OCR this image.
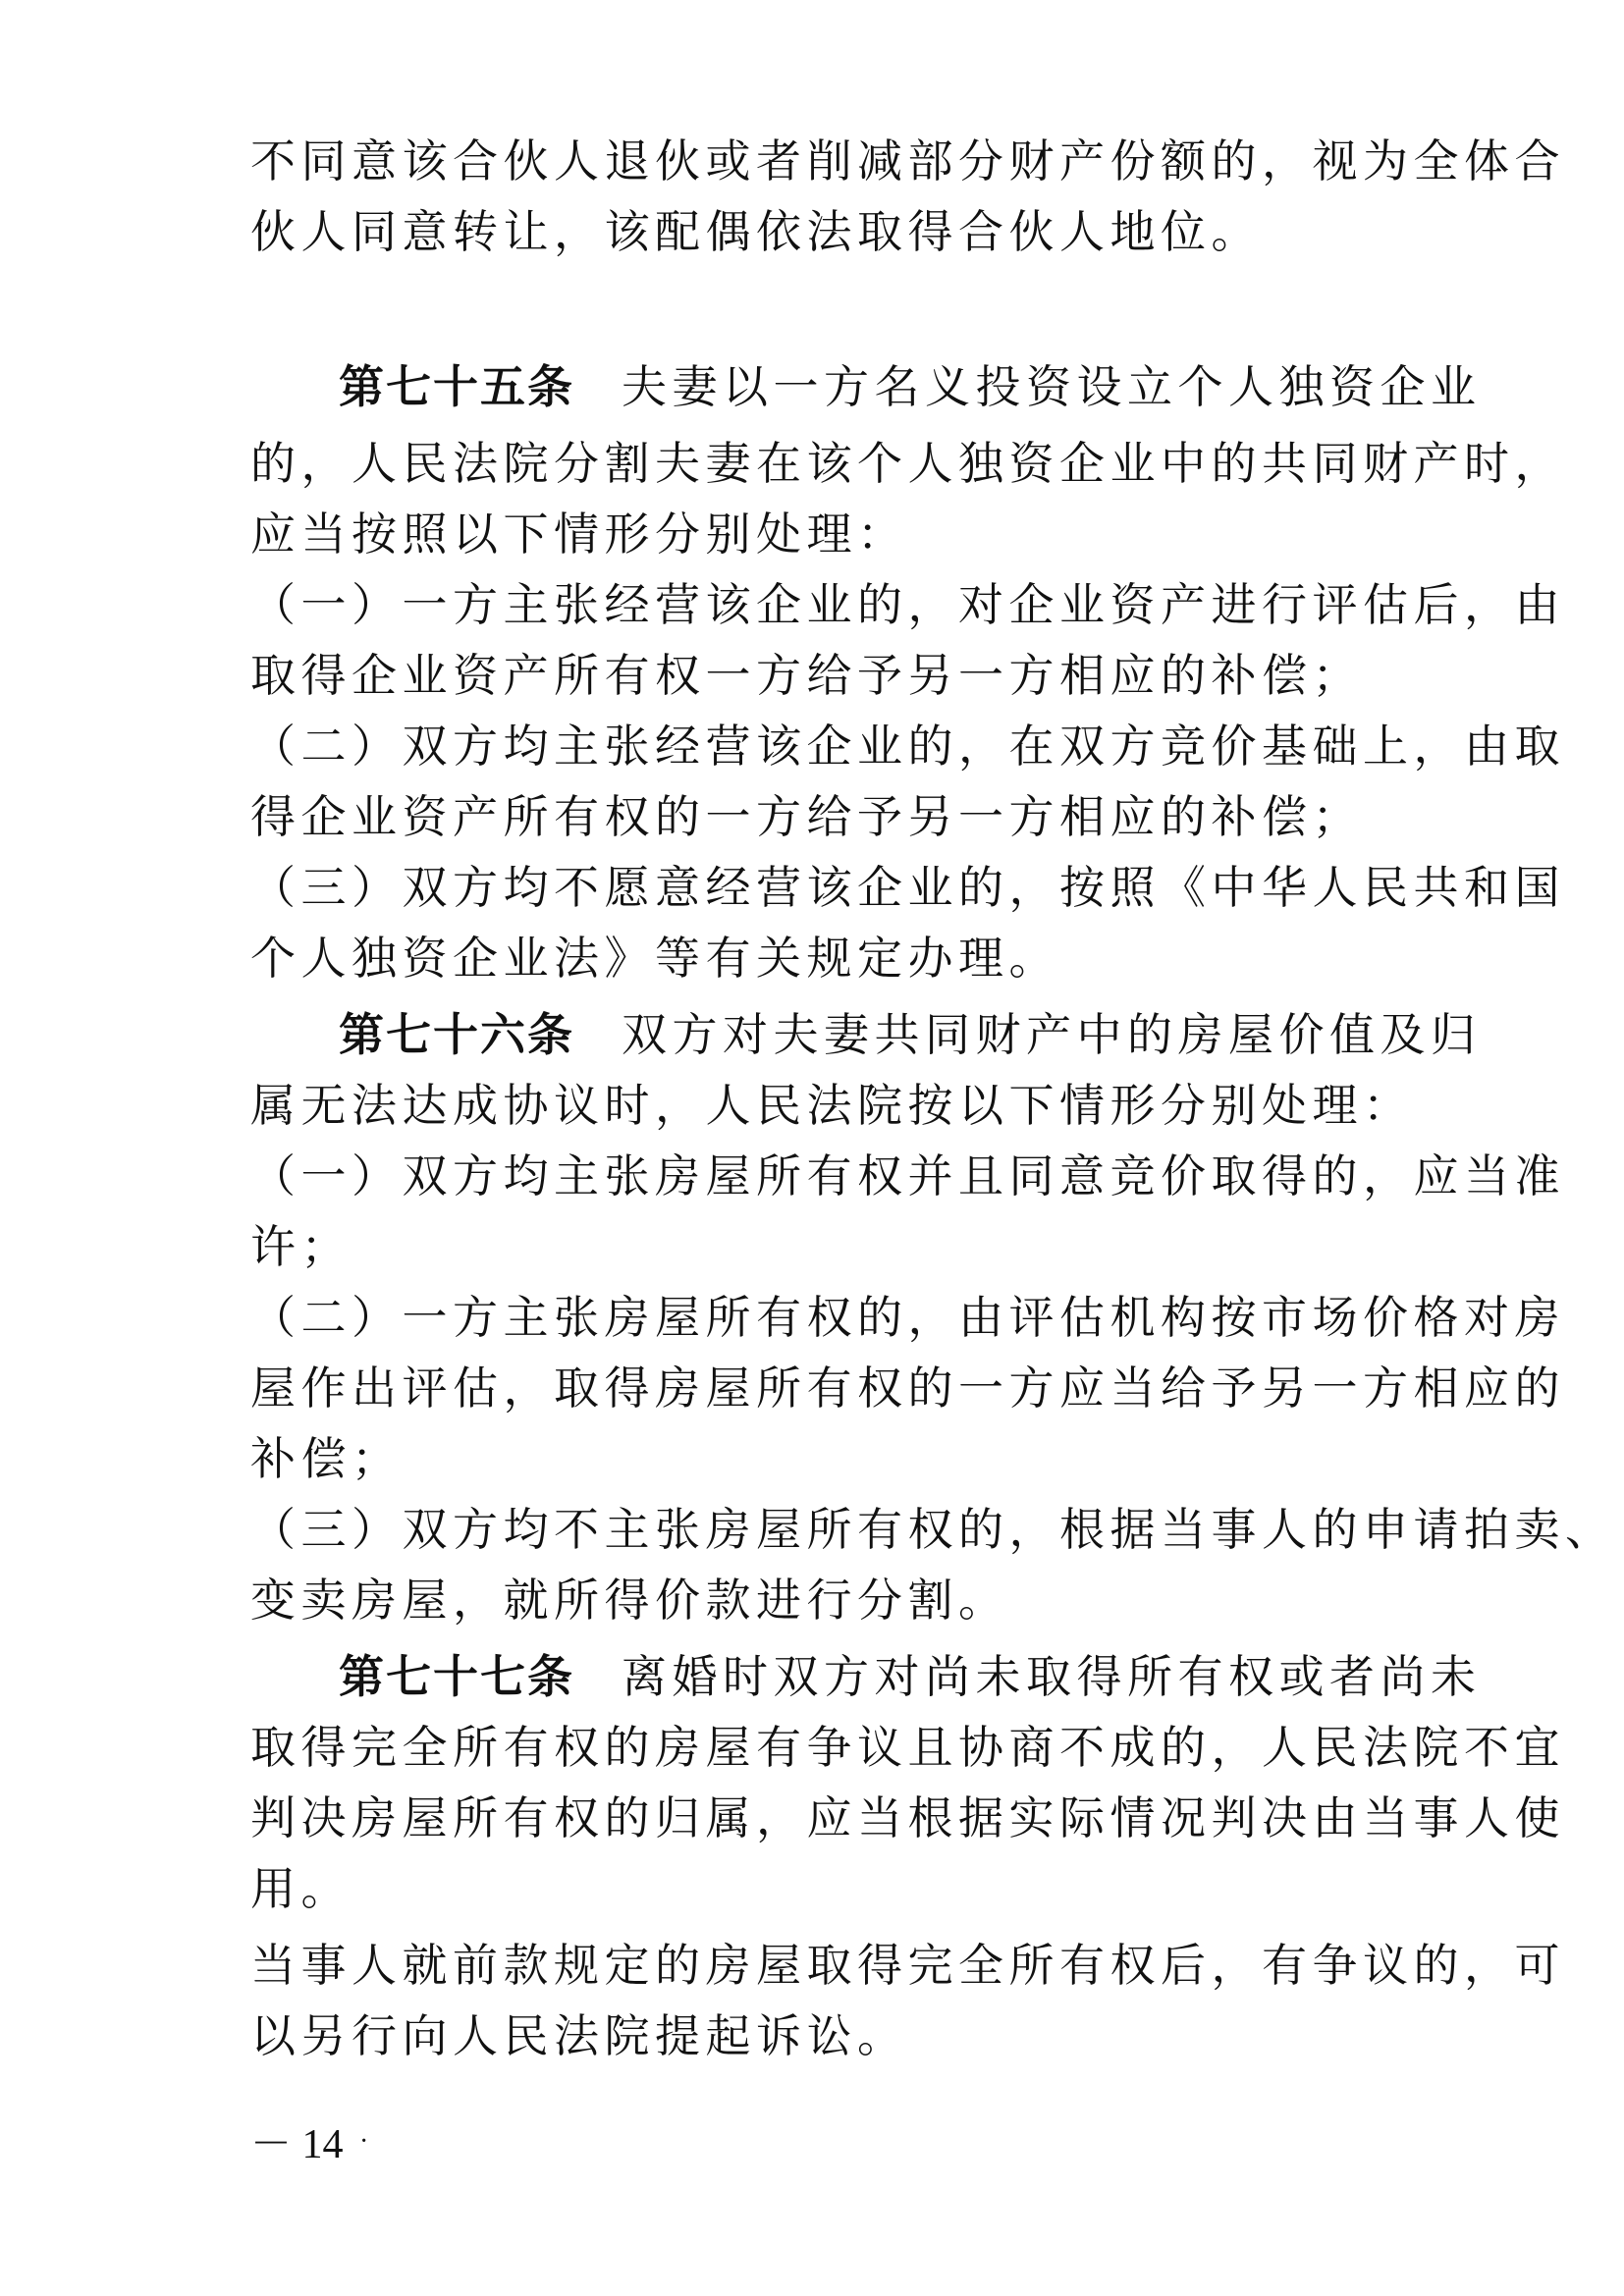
不同意该合伙人退伙或者削减部分财产份额的，视为全体合
伙人同意转让，该配偶依法取得合伙人地位。
第七十五条 夫妻以一方名义投资设立个人独资企业
的，人民法院分割夫妻在该个人独资企业中的共同财产时，
应当按照以下情形分别处理：
（一）一方主张经营该企业的，对企业资产进行评估后，由
取得企业资产所有权一方给予另一方相应的补偿；
（二）双方均主张经营该企业的，在双方竞价基础上，由取
得企业资产所有权的一方给予另一方相应的补偿；
（三）双方均不愿意经营该企业的，按照《中华人民共和国
个人独资企业法》等有关规定办理。
第七十六条 双方对夫妻共同财产中的房屋价值及归
属无法达成协议时，人民法院按以下情形分别处理：
（一）双方均主张房屋所有权并且同意竞价取得的，应当准
许；
（二）一方主张房屋所有权的，由评估机构按市场价格对房
屋作出评估，取得房屋所有权的一方应当给予另一方相应的
补偿；
（三）双方均不主张房屋所有权的，根据当事人的申请拍卖、
变卖房屋，就所得价款进行分割。
第七十七条 离婚时双方对尚未取得所有权或者尚未
取得完全所有权的房屋有争议且协商不成的，人民法院不宜
判决房屋所有权的归属，应当根据实际情况判决由当事人使
用。
当事人就前款规定的房屋取得完全所有权后，有争议的，可
以另行向人民法院提起诉讼。
－ 14 ·
